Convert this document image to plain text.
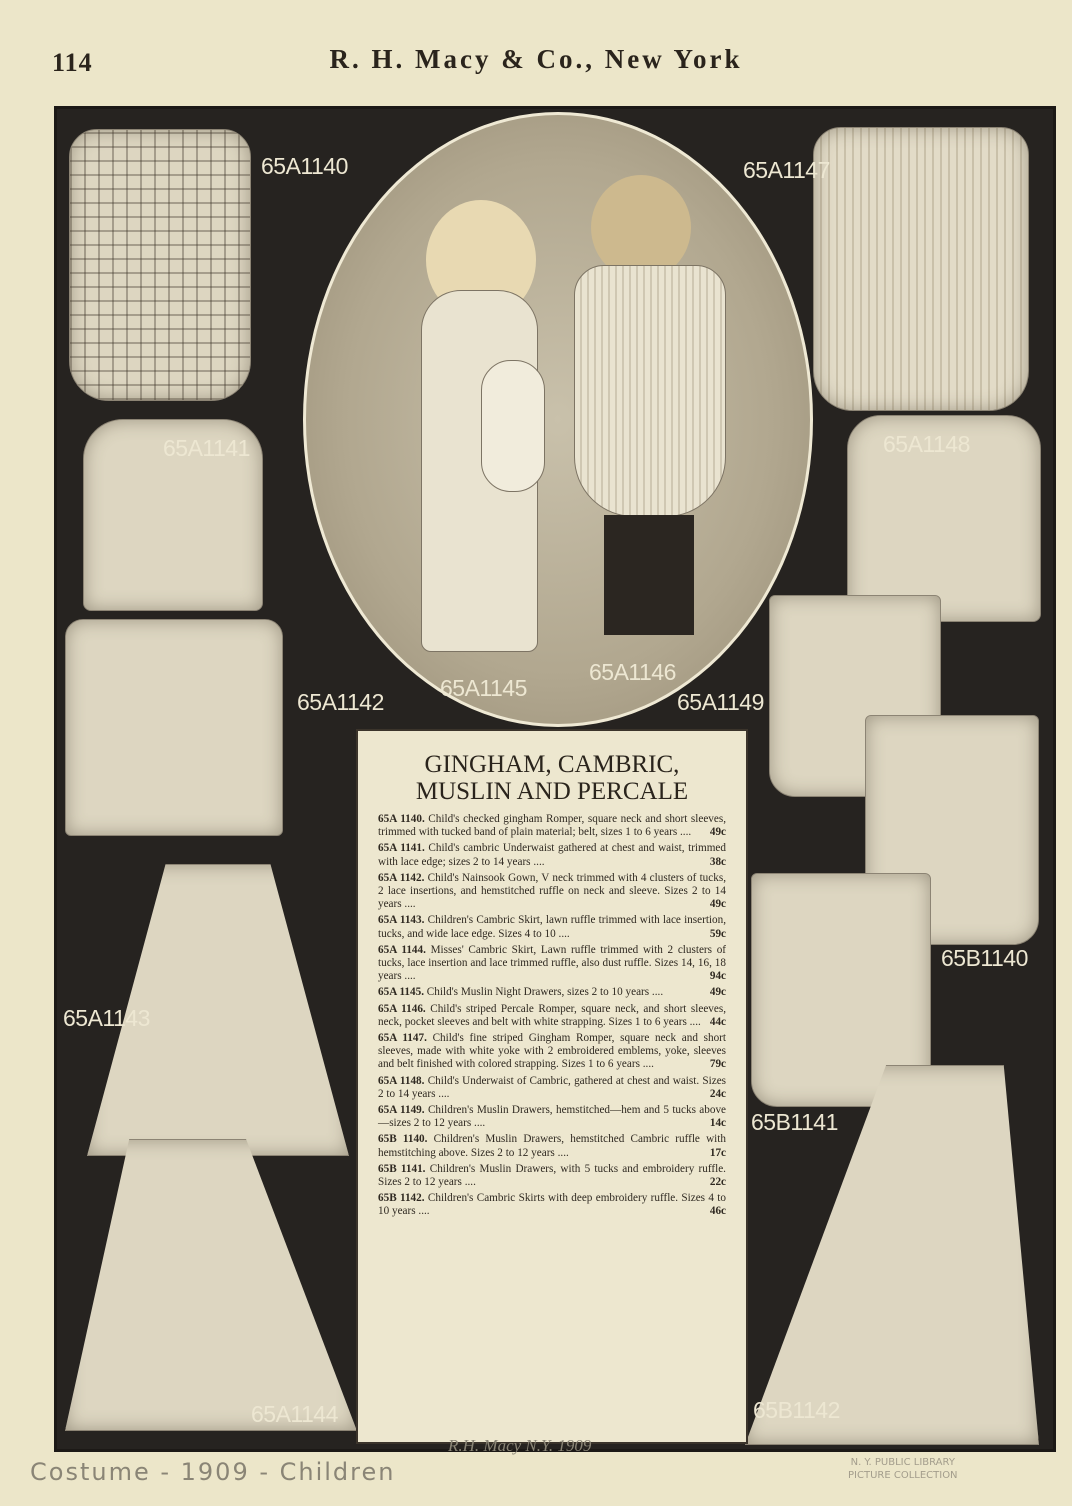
114	R. H. Macy & Co., New York
65A1140
65A1141
65A1142
65A1143
65A1144
65A1145
65A1146
65A1147
65A1148
65A1149
65B1140
65B1141
65B1142
GINGHAM, CAMBRIC,
MUSLIN AND PERCALE
65A 1140. Child's checked gingham Romper, square neck and short sleeves, trimmed with tucked band of plain material; belt, sizes 1 to 6 years .... 49c
65A 1141. Child's cambric Underwaist gathered at chest and waist, trimmed with lace edge; sizes 2 to 14 years ....	38c
65A 1142. Child's Nainsook Gown, V neck trimmed with 4 clusters of tucks, 2 lace insertions, and hemstitched ruffle on neck and sleeve. Sizes 2 to 14 years ....	49c
65A 1143. Children's Cambric Skirt, lawn ruffle trimmed with lace insertion, tucks, and wide lace edge. Sizes 4 to 10 ....	59c
65A 1144. Misses' Cambric Skirt, Lawn ruffle trimmed with 2 clusters of tucks, lace insertion and lace trimmed ruffle, also dust ruffle. Sizes 14, 16, 18 years ....	94c
65A 1145. Child's Muslin Night Drawers, sizes 2 to 10 years ....	49c
65A 1146. Child's striped Percale Romper, square neck, and short sleeves, neck, pocket sleeves and belt with white strapping. Sizes 1 to 6 years .... 44c
65A 1147. Child's fine striped Gingham Romper, square neck and short sleeves, made with white yoke with 2 embroidered emblems, yoke, sleeves and belt finished with colored strapping. Sizes 1 to 6 years ....	79c
65A 1148. Child's Underwaist of Cambric, gathered at chest and waist. Sizes 2 to 14 years ....	24c
65A 1149. Children's Muslin Drawers, hemstitched—hem and 5 tucks above—sizes 2 to 12 years ....	14c
65B 1140. Children's Muslin Drawers, hemstitched Cambric ruffle with hemstitching above. Sizes 2 to 12 years ....	17c
65B 1141. Children's Muslin Drawers, with 5 tucks and embroidery ruffle. Sizes 2 to 12 years ....	22c
65B 1142. Children's Cambric Skirts with deep embroidery ruffle. Sizes 4 to 10 years ....	46c
Costume - 1909 - Children
R.H. Macy N.Y. 1909
N. Y. PUBLIC LIBRARY
PICTURE COLLECTION
